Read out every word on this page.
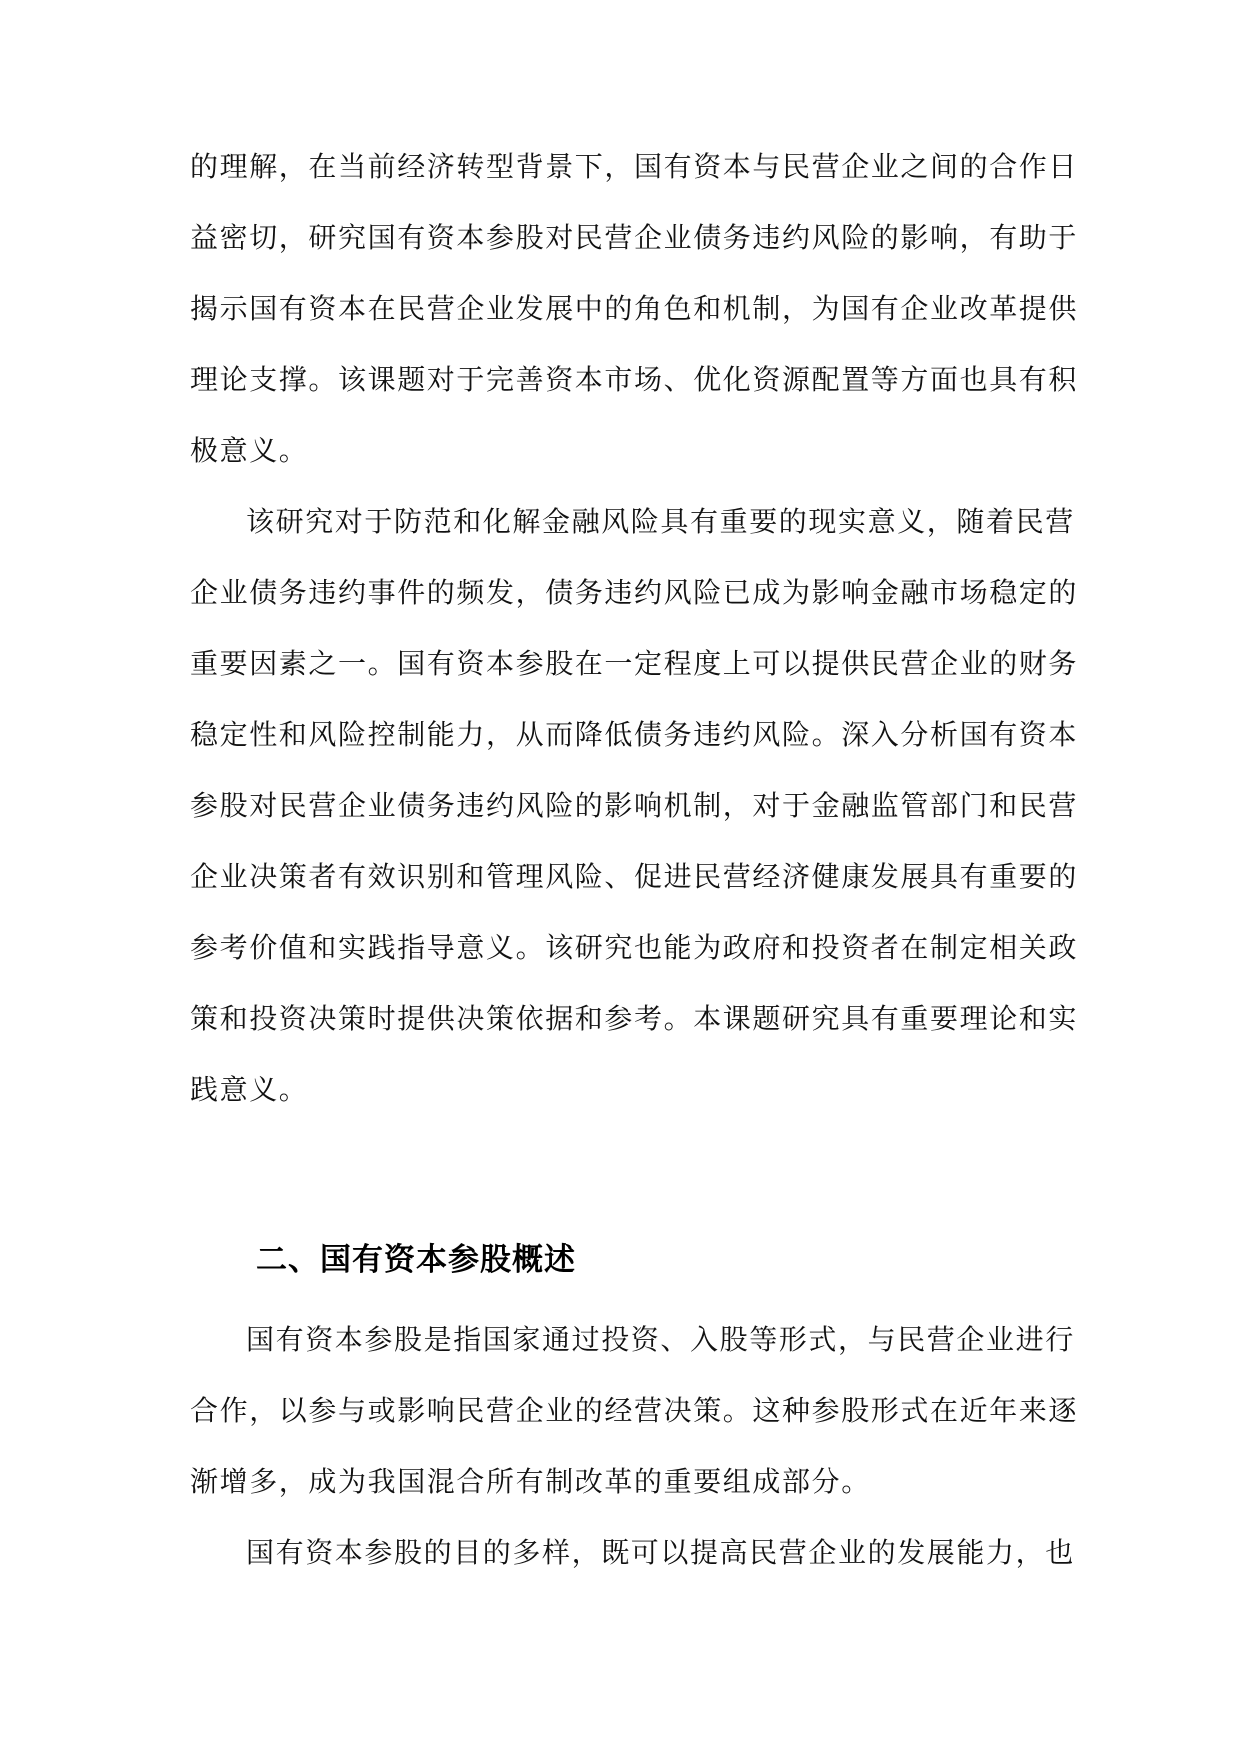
的理解，在当前经济转型背景下，国有资本与民营企业之间的合作日
益密切，研究国有资本参股对民营企业债务违约风险的影响，有助于
揭示国有资本在民营企业发展中的角色和机制，为国有企业改革提供
理论支撑。该课题对于完善资本市场、优化资源配置等方面也具有积
极意义。
该研究对于防范和化解金融风险具有重要的现实意义，随着民营
企业债务违约事件的频发，债务违约风险已成为影响金融市场稳定的
重要因素之一。国有资本参股在一定程度上可以提供民营企业的财务
稳定性和风险控制能力，从而降低债务违约风险。深入分析国有资本
参股对民营企业债务违约风险的影响机制，对于金融监管部门和民营
企业决策者有效识别和管理风险、促进民营经济健康发展具有重要的
参考价值和实践指导意义。该研究也能为政府和投资者在制定相关政
策和投资决策时提供决策依据和参考。本课题研究具有重要理论和实
践意义。
二、国有资本参股概述
国有资本参股是指国家通过投资、入股等形式，与民营企业进行
合作，以参与或影响民营企业的经营决策。这种参股形式在近年来逐
渐增多，成为我国混合所有制改革的重要组成部分。
国有资本参股的目的多样，既可以提高民营企业的发展能力，也
